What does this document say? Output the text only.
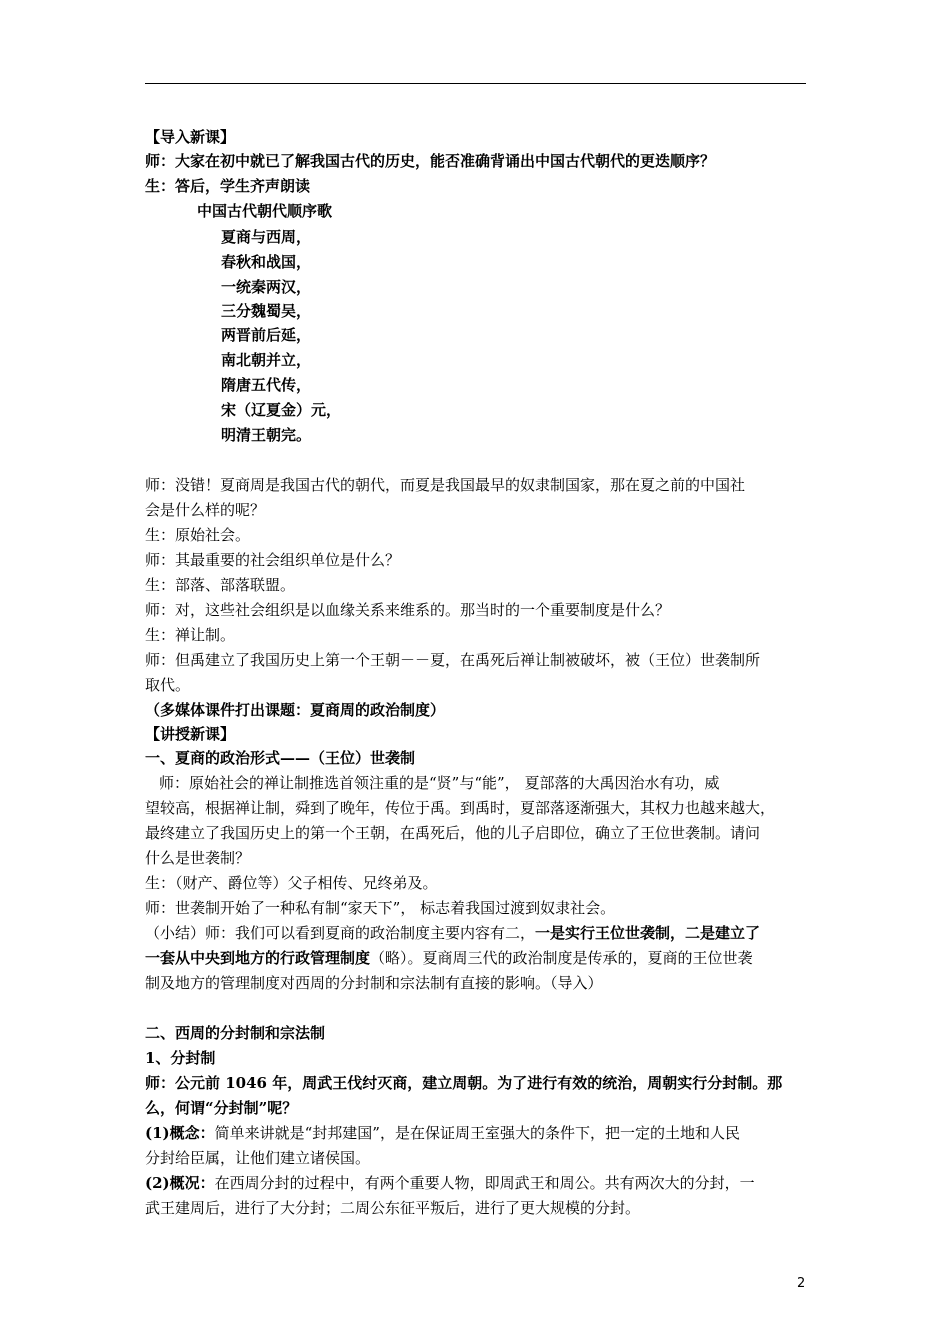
【导入新课】
师：大家在初中就已了解我国古代的历史，能否准确背诵出中国古代朝代的更迭顺序？
生：答后，学生齐声朗读
中国古代朝代顺序歌
夏商与西周，
春秋和战国，
一统秦两汉，
三分魏蜀吴，
两晋前后延，
南北朝并立，
隋唐五代传，
宋（辽夏金）元，
明清王朝完。
师：没错！夏商周是我国古代的朝代，而夏是我国最早的奴隶制国家，那在夏之前的中国社
会是什么样的呢？
生：原始社会。
师：其最重要的社会组织单位是什么？
生：部落、部落联盟。
师：对，这些社会组织是以血缘关系来维系的。那当时的一个重要制度是什么？
生：禅让制。
师：但禹建立了我国历史上第一个王朝－－夏，在禹死后禅让制被破坏，被（王位）世袭制所
取代。
（多媒体课件打出课题：夏商周的政治制度）
【讲授新课】
一、夏商的政治形式——（王位）世袭制
师：原始社会的禅让制推选首领注重的是“贤”与“能”， 夏部落的大禹因治水有功，威
望较高，根据禅让制，舜到了晚年，传位于禹。到禹时，夏部落逐渐强大，其权力也越来越大，
最终建立了我国历史上的第一个王朝，在禹死后，他的儿子启即位，确立了王位世袭制。请问
什么是世袭制？
生：（财产、爵位等）父子相传、兄终弟及。
师：世袭制开始了一种私有制“家天下”， 标志着我国过渡到奴隶社会。
（小结）师：我们可以看到夏商的政治制度主要内容有二，一是实行王位世袭制，二是建立了
一套从中央到地方的行政管理制度（略）。夏商周三代的政治制度是传承的，夏商的王位世袭
制及地方的管理制度对西周的分封制和宗法制有直接的影响。（导入）
二、西周的分封制和宗法制
1、分封制
师：公元前 1046 年，周武王伐纣灭商，建立周朝。为了进行有效的统治，周朝实行分封制。那
么，何谓“分封制”呢？
(1)概念：简单来讲就是“封邦建国”，是在保证周王室强大的条件下，把一定的土地和人民
分封给臣属，让他们建立诸侯国。
(2)概况：在西周分封的过程中，有两个重要人物，即周武王和周公。共有两次大的分封，一
武王建周后，进行了大分封；二周公东征平叛后，进行了更大规模的分封。
2
